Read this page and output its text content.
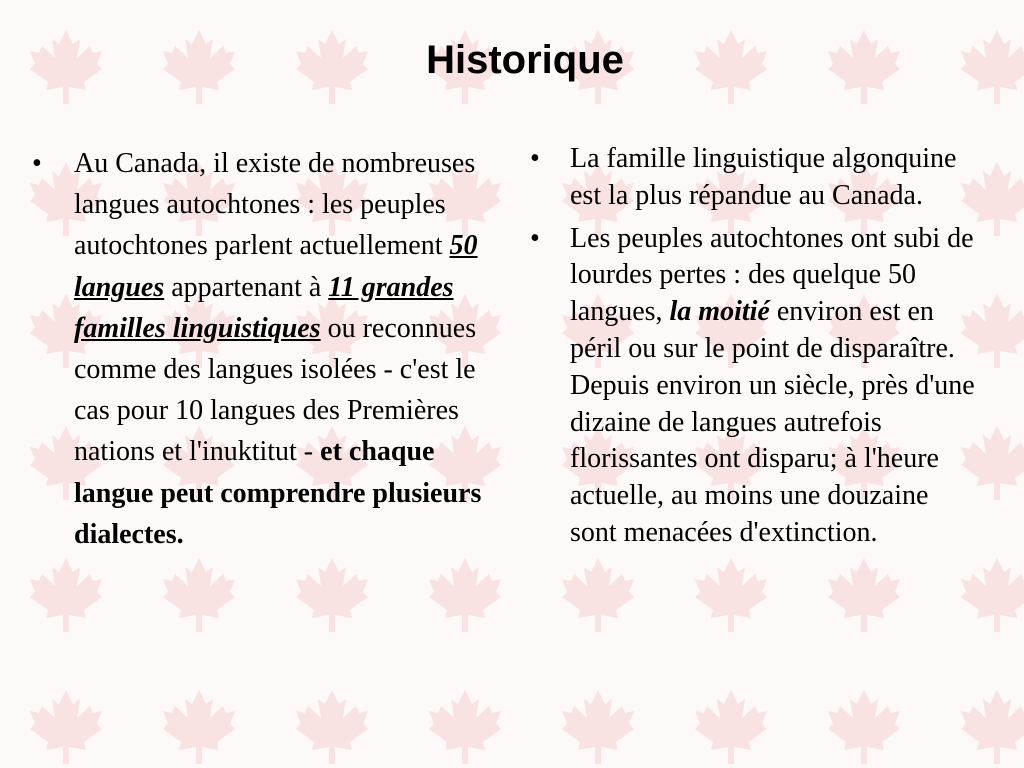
Historique
• Au Canada, il existe de nombreuses langues autochtones : les peuples autochtones parlent actuellement 50 langues appartenant à 11 grandes familles linguistiques ou reconnues comme des langues isolées - c'est le cas pour 10 langues des Premières nations et l'inuktitut - et chaque langue peut comprendre plusieurs dialectes.
• La famille linguistique algonquine est la plus répandue au Canada.
• Les peuples autochtones ont subi de lourdes pertes : des quelque 50 langues, la moitié environ est en péril ou sur le point de disparaître. Depuis environ un siècle, près d'une dizaine de langues autrefois florissantes ont disparu; à l'heure actuelle, au moins une douzaine sont menacées d'extinction.
